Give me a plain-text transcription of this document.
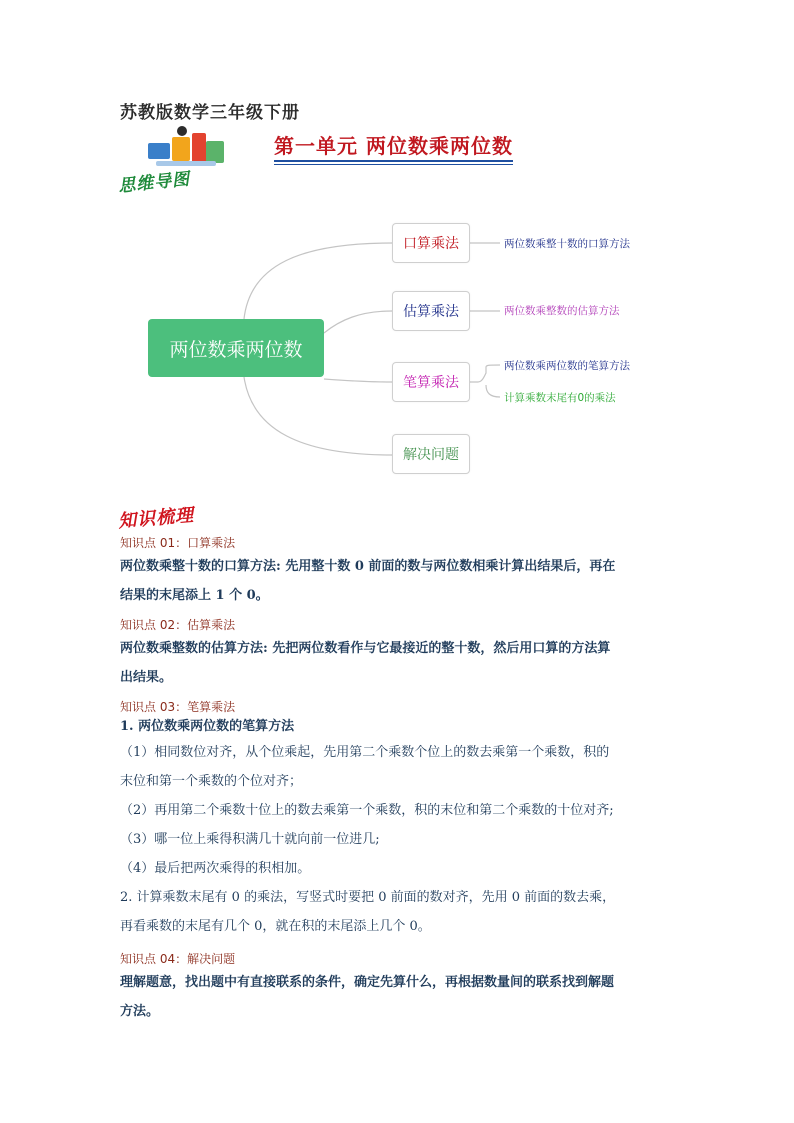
苏教版数学三年级下册
第一单元 两位数乘两位数
思维导图
两位数乘两位数
口算乘法
估算乘法
笔算乘法
解决问题
两位数乘整十数的口算方法
两位数乘整数的估算方法
两位数乘两位数的笔算方法
计算乘数末尾有0的乘法
知识梳理
知识点 01：口算乘法
两位数乘整十数的口算方法: 先用整十数 0 前面的数与两位数相乘计算出结果后，再在
结果的末尾添上 1 个 0。
知识点 02：估算乘法
两位数乘整数的估算方法: 先把两位数看作与它最接近的整十数，然后用口算的方法算
出结果。
知识点 03：笔算乘法
1. 两位数乘两位数的笔算方法
（1）相同数位对齐，从个位乘起，先用第二个乘数个位上的数去乘第一个乘数，积的
末位和第一个乘数的个位对齐；
（2）再用第二个乘数十位上的数去乘第一个乘数，积的末位和第二个乘数的十位对齐;
（3）哪一位上乘得积满几十就向前一位进几;
（4）最后把两次乘得的积相加。
2. 计算乘数末尾有 0 的乘法，写竖式时要把 0 前面的数对齐，先用 0 前面的数去乘，
再看乘数的末尾有几个 0，就在积的末尾添上几个 0。
知识点 04：解决问题
理解题意，找出题中有直接联系的条件，确定先算什么，再根据数量间的联系找到解题
方法。
